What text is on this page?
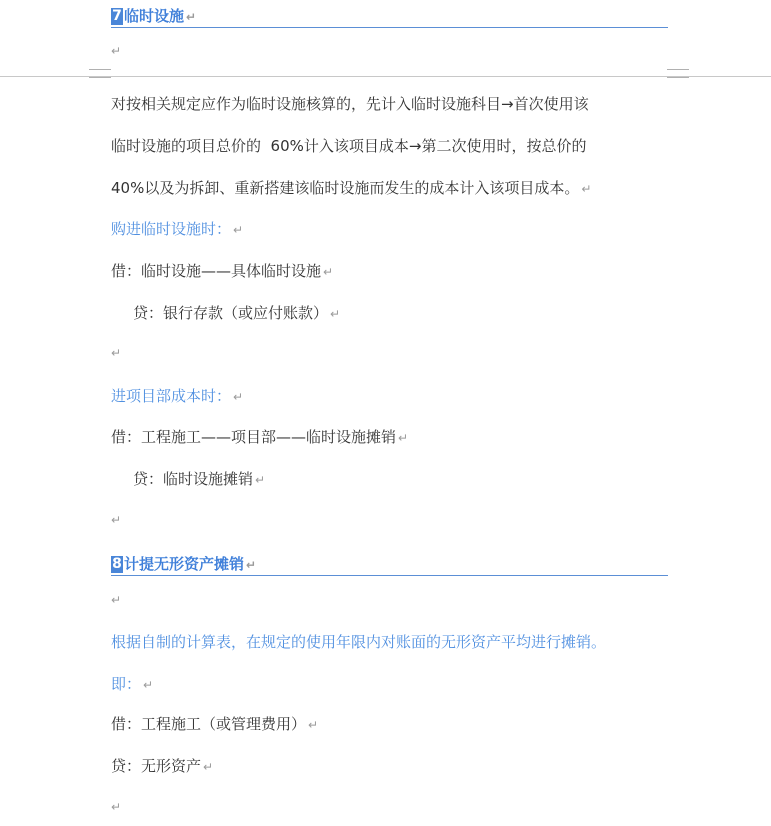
7 临时设施 ↵
↵
对按相关规定应作为临时设施核算的，先计入临时设施科目→首次使用该
临时设施的项目总价的  60%计入该项目成本→第二次使用时，按总价的
40%以及为拆卸、重新搭建该临时设施而发生的成本计入该项目成本。 ↵
购进临时设施时： ↵
借：临时设施——具体临时设施 ↵
贷：银行存款（或应付账款） ↵
↵
进项目部成本时： ↵
借：工程施工——项目部——临时设施摊销 ↵
贷：临时设施摊销 ↵
↵
8 计提无形资产摊销 ↵
↵
根据自制的计算表，在规定的使用年限内对账面的无形资产平均进行摊销。
即： ↵
借：工程施工（或管理费用） ↵
贷：无形资产 ↵
↵
